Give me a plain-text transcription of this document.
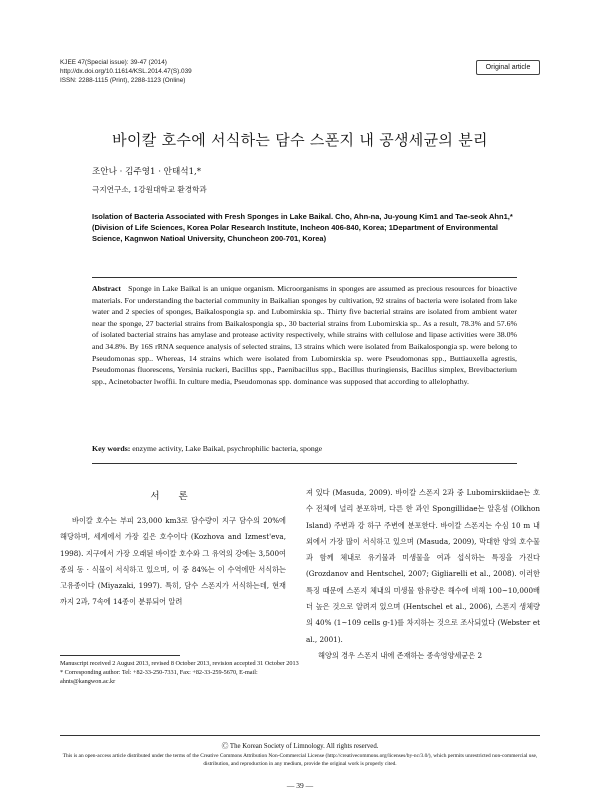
KJEE 47(Special issue): 39-47 (2014)
http://dx.doi.org/10.11614/KSL.2014.47(S).039
ISSN: 2288-1115 (Print), 2288-1123 (Online)
Original article
바이칼 호수에 서식하는 담수 스폰지 내 공생세균의 분리
조안나 · 김주영1 · 안태석1,*
극지연구소, 1강원대학교 환경학과
Isolation of Bacteria Associated with Fresh Sponges in Lake Baikal. Cho, Ahn-na, Ju-young Kim1 and Tae-seok Ahn1,* (Division of Life Sciences, Korea Polar Research Institute, Incheon 406-840, Korea; 1Department of Environmental Science, Kagnwon Natioal University, Chuncheon 200-701, Korea)
Abstract Sponge in Lake Baikal is an unique organism. Microorganisms in sponges are assumed as precious resources for bioactive materials. For understanding the bacterial community in Baikalian sponges by cultivation, 92 strains of bacteria were isolated from lake water and 2 species of sponges, Baikalospongia sp. and Lubomirskia sp.. Thirty five bacterial strains are isolated from ambient water near the sponge, 27 bacterial strains from Baikalospongia sp., 30 bacterial strains from Lubomirskia sp.. As a result, 78.3% and 57.6% of isolated bacterial strains has amylase and protease activity respectively, while strains with cellulose and lipase activities were 38.0% and 34.8%. By 16S rRNA sequence analysis of selected strains, 13 strains which were isolated from Baikalospongia sp. were belong to Pseudomonas spp.. Whereas, 14 strains which were isolated from Lubomirskia sp. were Pseudomonas spp., Buttiauxella agrestis, Pseudomonas fluorescens, Yersinia ruckeri, Bacillus spp., Paenibacillus spp., Bacillus thuringiensis, Bacillus simplex, Brevibacterium spp., Acinetobacter lwoffii. In culture media, Pseudomonas spp. dominance was supposed that according to allelophathy.
Key words: enzyme activity, Lake Baikal, psychrophilic bacteria, sponge
서 론

바이칼 호수는 부피 23,000 km3로 담수량이 지구 담수의 20%에 해당하며, 세계에서 가장 깊은 호수이다 (Kozhova and Izmest'eva, 1998). 지구에서 가장 오래된 바이칼 호수와 그 유역의 강에는 3,500여 종의 동 · 식물이 서식하고 있으며, 이 중 84%는 이 수역에만 서식하는 고유종이다 (Miyazaki, 1997). 특히, 담수 스폰지가 서식하는데, 현재까지 2과, 7속에 14종이 분류되어 알려

져 있다 (Masuda, 2009). 바이칼 스폰지 2과 중 Lubomirskiidae는 호수 전체에 널리 분포하며, 다른 한 과인 Spongillidae는 알혼섬 (Olkhon Island) 주변과 강 하구 주변에 분포한다. 바이칼 스폰지는 수심 10 m 내외에서 가장 많이 서식하고 있으며 (Masuda, 2009), 막대한 양의 호수물과 함께 체내로 유기물과 미생물을 여과 섭식하는 특징을 가진다 (Grozdanov and Hentschel, 2007; Gigliarelli et al., 2008). 이러한 특징 때문에 스폰지 체내의 미생물 함유량은 해수에 비해 100~10,000배 더 높은 것으로 알려져 있으며 (Hentschel et al., 2006), 스폰지 생체량의 40% (1~109 cells g-1)를 차지하는 것으로 조사되었다 (Webster et al., 2001).

해양의 경우 스폰지 내에 존재하는 종속영양세균은 2

Manuscript received 2 August 2013, revised 8 October 2013, revision accepted 31 October 2013
* Corresponding author: Tel: +82-33-250-7331, Fax: +82-33-259-5670, E-mail: ahnts@kangwon.ac.kr
Ⓒ The Korean Society of Limnology. All rights reserved.
This is an open-access article distributed under the terms of the Creative Commons Attribution Non-Commercial License (http://creativecommons.org/licenses/by-nc/3.0/), which permits unrestricted non-commercial use, distribution, and reproduction in any medium, provide the original work is properly cited.
— 39 —
